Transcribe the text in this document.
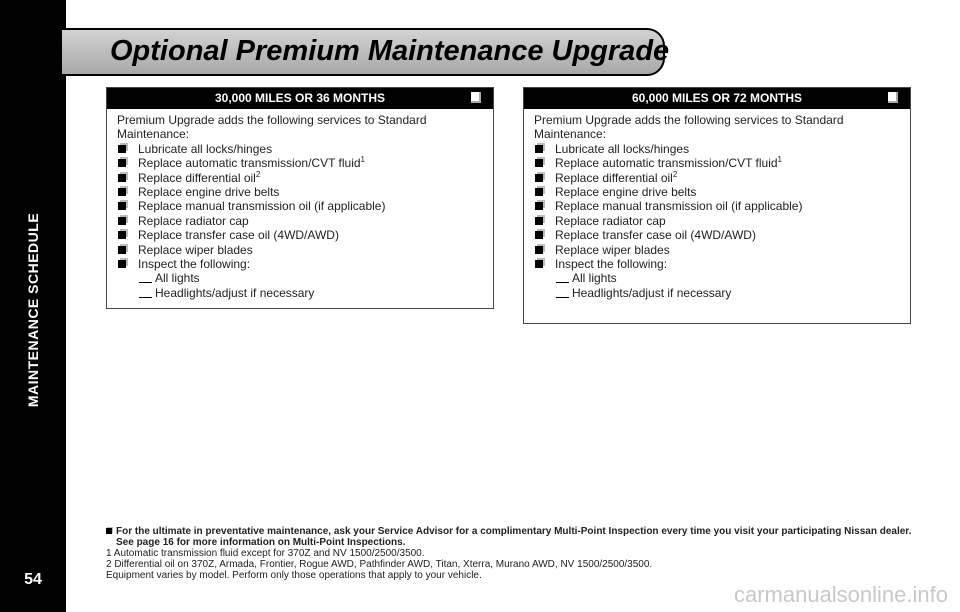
MAINTENANCE SCHEDULE
54
Optional Premium Maintenance Upgrade
30,000 MILES OR 36 MONTHS
Premium Upgrade adds the following services to Standard Maintenance:
Lubricate all locks/hinges
Replace automatic transmission/CVT fluid$^1$
Replace differential oil$^2$
Replace engine drive belts
Replace manual transmission oil (if applicable)
Replace radiator cap
Replace transfer case oil (4WD/AWD)
Replace wiper blades
Inspect the following:
All lights
Headlights/adjust if necessary
60,000 MILES OR 72 MONTHS
Premium Upgrade adds the following services to Standard Maintenance:
Lubricate all locks/hinges
Replace automatic transmission/CVT fluid$^1$
Replace differential oil$^2$
Replace engine drive belts
Replace manual transmission oil (if applicable)
Replace radiator cap
Replace transfer case oil (4WD/AWD)
Replace wiper blades
Inspect the following:
All lights
Headlights/adjust if necessary
For the ultimate in preventative maintenance, ask your Service Advisor for a complimentary Multi-Point Inspection every time you visit your participating Nissan dealer. See page 16 for more information on Multi-Point Inspections.
1 Automatic transmission fluid except for 370Z and NV 1500/2500/3500.
2 Differential oil on 370Z, Armada, Frontier, Rogue AWD, Pathfinder AWD, Titan, Xterra, Murano AWD, NV 1500/2500/3500.
Equipment varies by model. Perform only those operations that apply to your vehicle.
carmanualsonline.info
